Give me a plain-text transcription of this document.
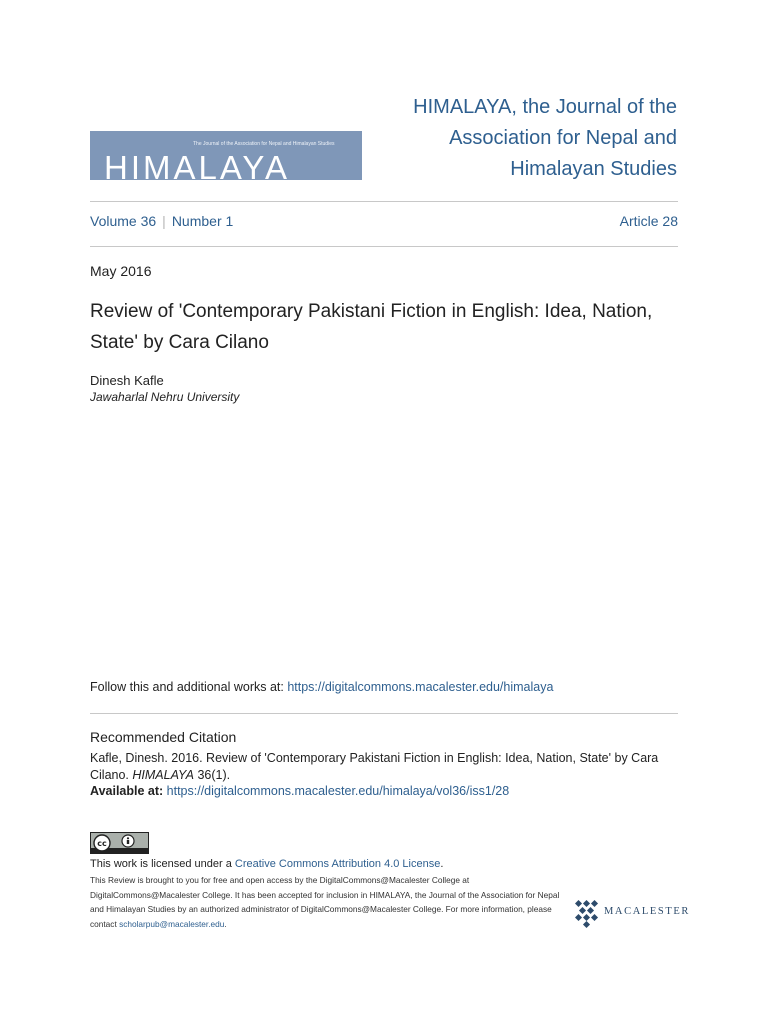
The Journal of the Association for Nepal and Himalayan Studies
HIMALAYA
HIMALAYA, the Journal of the Association for Nepal and Himalayan Studies
Volume 36 | Number 1	Article 28
May 2016
Review of 'Contemporary Pakistani Fiction in English: Idea, Nation, State' by Cara Cilano
Dinesh Kafle
Jawaharlal Nehru University
Follow this and additional works at: https://digitalcommons.macalester.edu/himalaya
Recommended Citation
Kafle, Dinesh. 2016. Review of 'Contemporary Pakistani Fiction in English: Idea, Nation, State' by Cara Cilano. HIMALAYA 36(1).
Available at: https://digitalcommons.macalester.edu/himalaya/vol36/iss1/28
cc
This work is licensed under a Creative Commons Attribution 4.0 License.
This Review is brought to you for free and open access by the DigitalCommons@Macalester College at DigitalCommons@Macalester College. It has been accepted for inclusion in HIMALAYA, the Journal of the Association for Nepal and Himalayan Studies by an authorized administrator of DigitalCommons@Macalester College. For more information, please contact scholarpub@macalester.edu.
MACALESTER
